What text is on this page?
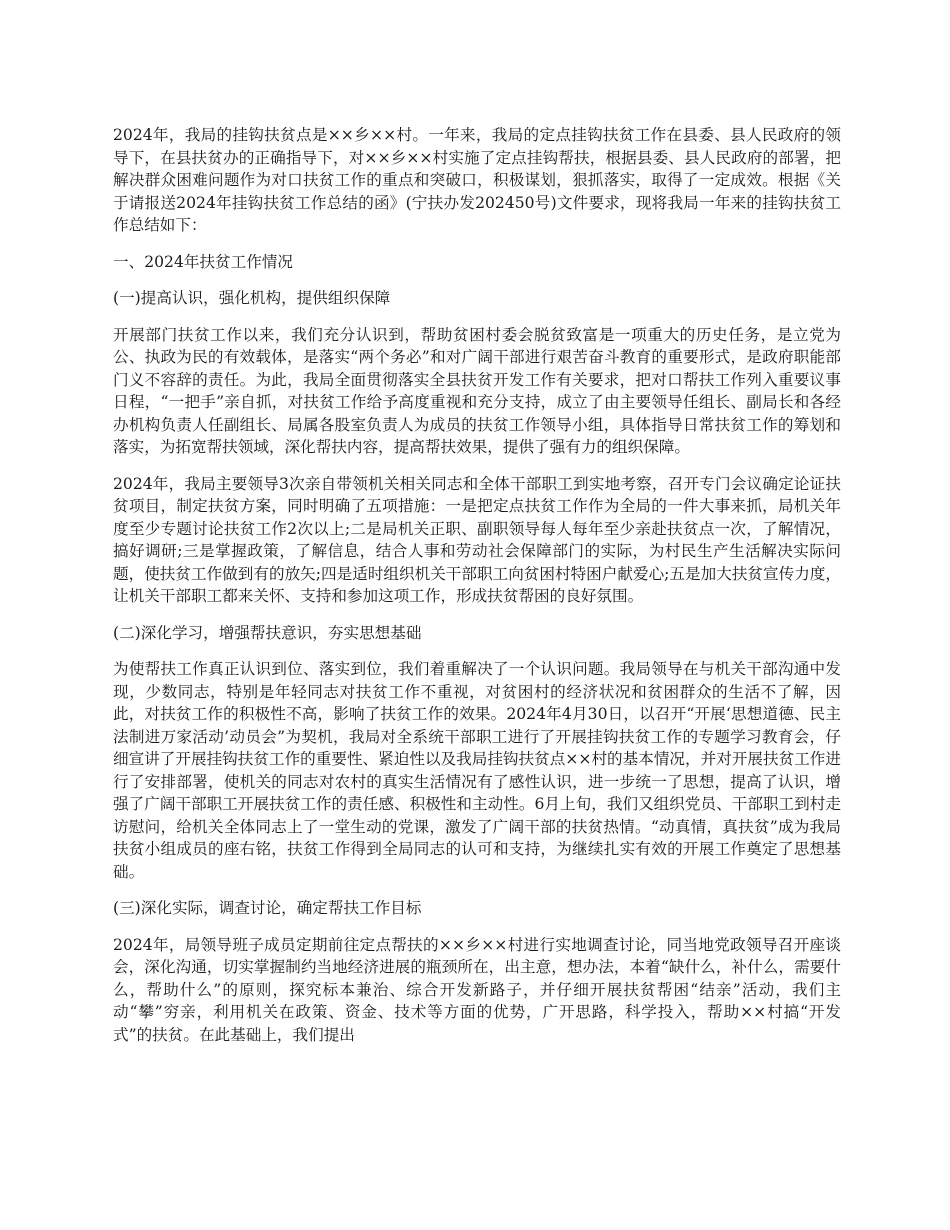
2024年，我局的挂钩扶贫点是××乡××村。一年来，我局的定点挂钩扶贫工作在县委、县人民政府的领导下，在县扶贫办的正确指导下，对××乡××村实施了定点挂钩帮扶，根据县委、县人民政府的部署，把解决群众困难问题作为对口扶贫工作的重点和突破口，积极谋划，狠抓落实，取得了一定成效。根据《关于请报送2024年挂钩扶贫工作总结的函》(宁扶办发202450号)文件要求，现将我局一年来的挂钩扶贫工作总结如下：

一、2024年扶贫工作情况

(一)提高认识，强化机构，提供组织保障

开展部门扶贫工作以来，我们充分认识到，帮助贫困村委会脱贫致富是一项重大的历史任务，是立党为公、执政为民的有效载体，是落实“两个务必”和对广阔干部进行艰苦奋斗教育的重要形式，是政府职能部门义不容辞的责任。为此，我局全面贯彻落实全县扶贫开发工作有关要求，把对口帮扶工作列入重要议事日程，“一把手”亲自抓，对扶贫工作给予高度重视和充分支持，成立了由主要领导任组长、副局长和各经办机构负责人任副组长、局属各股室负责人为成员的扶贫工作领导小组，具体指导日常扶贫工作的筹划和落实，为拓宽帮扶领域，深化帮扶内容，提高帮扶效果，提供了强有力的组织保障。

2024年，我局主要领导3次亲自带领机关相关同志和全体干部职工到实地考察，召开专门会议确定论证扶贫项目，制定扶贫方案，同时明确了五项措施：一是把定点扶贫工作作为全局的一件大事来抓，局机关年度至少专题讨论扶贫工作2次以上;二是局机关正职、副职领导每人每年至少亲赴扶贫点一次，了解情况，搞好调研;三是掌握政策，了解信息，结合人事和劳动社会保障部门的实际，为村民生产生活解决实际问题，使扶贫工作做到有的放矢;四是适时组织机关干部职工向贫困村特困户献爱心;五是加大扶贫宣传力度，让机关干部职工都来关怀、支持和参加这项工作，形成扶贫帮困的良好氛围。

(二)深化学习，增强帮扶意识，夯实思想基础

为使帮扶工作真正认识到位、落实到位，我们着重解决了一个认识问题。我局领导在与机关干部沟通中发现，少数同志，特别是年轻同志对扶贫工作不重视，对贫困村的经济状况和贫困群众的生活不了解，因此，对扶贫工作的积极性不高，影响了扶贫工作的效果。2024年4月30日，以召开“开展‘思想道德、民主法制进万家活动’动员会”为契机，我局对全系统干部职工进行了开展挂钩扶贫工作的专题学习教育会，仔细宣讲了开展挂钩扶贫工作的重要性、紧迫性以及我局挂钩扶贫点××村的基本情况，并对开展扶贫工作进行了安排部署，使机关的同志对农村的真实生活情况有了感性认识，进一步统一了思想，提高了认识，增强了广阔干部职工开展扶贫工作的责任感、积极性和主动性。6月上旬，我们又组织党员、干部职工到村走访慰问，给机关全体同志上了一堂生动的党课，激发了广阔干部的扶贫热情。“动真情，真扶贫”成为我局扶贫小组成员的座右铭，扶贫工作得到全局同志的认可和支持，为继续扎实有效的开展工作奠定了思想基础。

(三)深化实际，调查讨论，确定帮扶工作目标

2024年，局领导班子成员定期前往定点帮扶的××乡××村进行实地调查讨论，同当地党政领导召开座谈会，深化沟通，切实掌握制约当地经济进展的瓶颈所在，出主意，想办法，本着“缺什么，补什么，需要什么，帮助什么”的原则，探究标本兼治、综合开发新路子，并仔细开展扶贫帮困“结亲”活动，我们主动“攀”穷亲，利用机关在政策、资金、技术等方面的优势，广开思路，科学投入，帮助××村搞“开发式”的扶贫。在此基础上，我们提出
